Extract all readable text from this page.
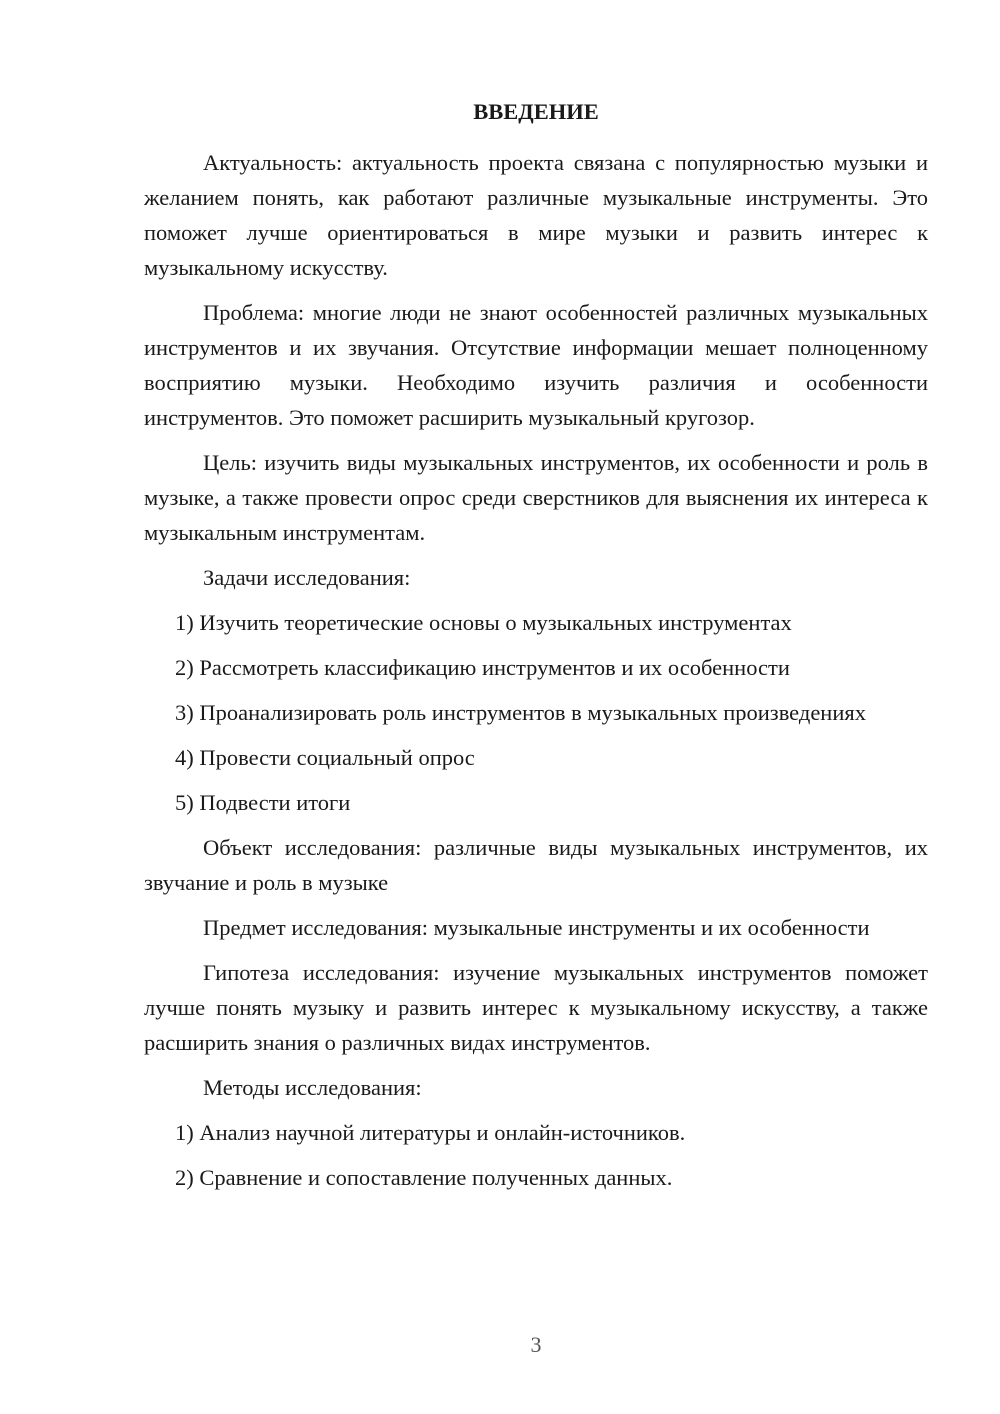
ВВЕДЕНИЕ

Актуальность: актуальность проекта связана с популярностью музыки и желанием понять, как работают различные музыкальные инструменты. Это поможет лучше ориентироваться в мире музыки и развить интерес к музыкальному искусству.

Проблема: многие люди не знают особенностей различных музыкальных инструментов и их звучания. Отсутствие информации мешает полноценному восприятию музыки. Необходимо изучить различия и особенности инструментов. Это поможет расширить музыкальный кругозор.

Цель: изучить виды музыкальных инструментов, их особенности и роль в музыке, а также провести опрос среди сверстников для выяснения их интереса к музыкальным инструментам.

Задачи исследования:

1) Изучить теоретические основы о музыкальных инструментах

2) Рассмотреть классификацию инструментов и их особенности

3) Проанализировать роль инструментов в музыкальных произведениях

4) Провести социальный опрос

5) Подвести итоги

Объект исследования: различные виды музыкальных инструментов, их звучание и роль в музыке

Предмет исследования: музыкальные инструменты и их особенности

Гипотеза исследования: изучение музыкальных инструментов поможет лучше понять музыку и развить интерес к музыкальному искусству, а также расширить знания о различных видах инструментов.

Методы исследования:

1) Анализ научной литературы и онлайн-источников.

2) Сравнение и сопоставление полученных данных.

3
